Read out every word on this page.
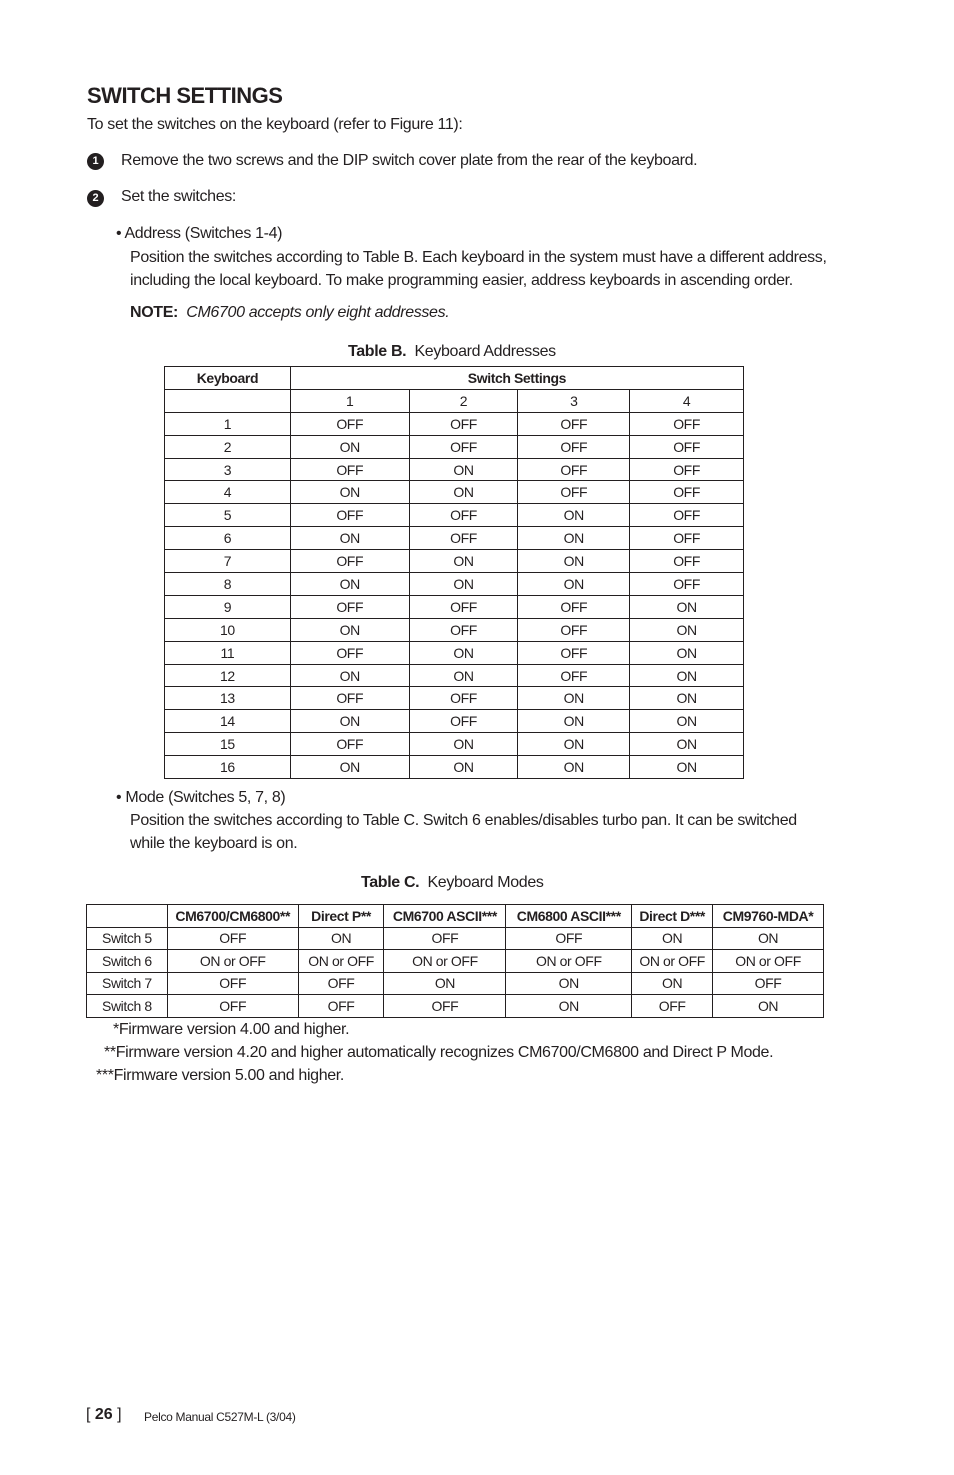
SWITCH SETTINGS
To set the switches on the keyboard (refer to Figure 11):
1	Remove the two screws and the DIP switch cover plate from the rear of the keyboard.
2	Set the switches:
• Address (Switches 1-4)
Position the switches according to Table B. Each keyboard in the system must have a different address,
including the local keyboard. To make programming easier, address keyboards in ascending order.
NOTE: CM6700 accepts only eight addresses.
Table B. Keyboard Addresses
Keyboard	Switch Settings			
	1	2	3	4
1	OFF	OFF	OFF	OFF
2	ON	OFF	OFF	OFF
3	OFF	ON	OFF	OFF
4	ON	ON	OFF	OFF
5	OFF	OFF	ON	OFF
6	ON	OFF	ON	OFF
7	OFF	ON	ON	OFF
8	ON	ON	ON	OFF
9	OFF	OFF	OFF	ON
10	ON	OFF	OFF	ON
11	OFF	ON	OFF	ON
12	ON	ON	OFF	ON
13	OFF	OFF	ON	ON
14	ON	OFF	ON	ON
15	OFF	ON	ON	ON
16	ON	ON	ON	ON
• Mode (Switches 5, 7, 8)
Position the switches according to Table C. Switch 6 enables/disables turbo pan. It can be switched
while the keyboard is on.
Table C. Keyboard Modes
	CM6700/CM6800**	Direct P**	CM6700 ASCII***	CM6800 ASCII***	Direct D***	CM9760-MDA*
Switch 5	OFF	ON	OFF	OFF	ON	ON
Switch 6	ON or OFF	ON or OFF	ON or OFF	ON or OFF	ON or OFF	ON or OFF
Switch 7	OFF	OFF	ON	ON	ON	OFF
Switch 8	OFF	OFF	OFF	ON	OFF	ON
*Firmware version 4.00 and higher.
**Firmware version 4.20 and higher automatically recognizes CM6700/CM6800 and Direct P Mode.
***Firmware version 5.00 and higher.
[ 26 ] Pelco Manual C527M-L (3/04)
